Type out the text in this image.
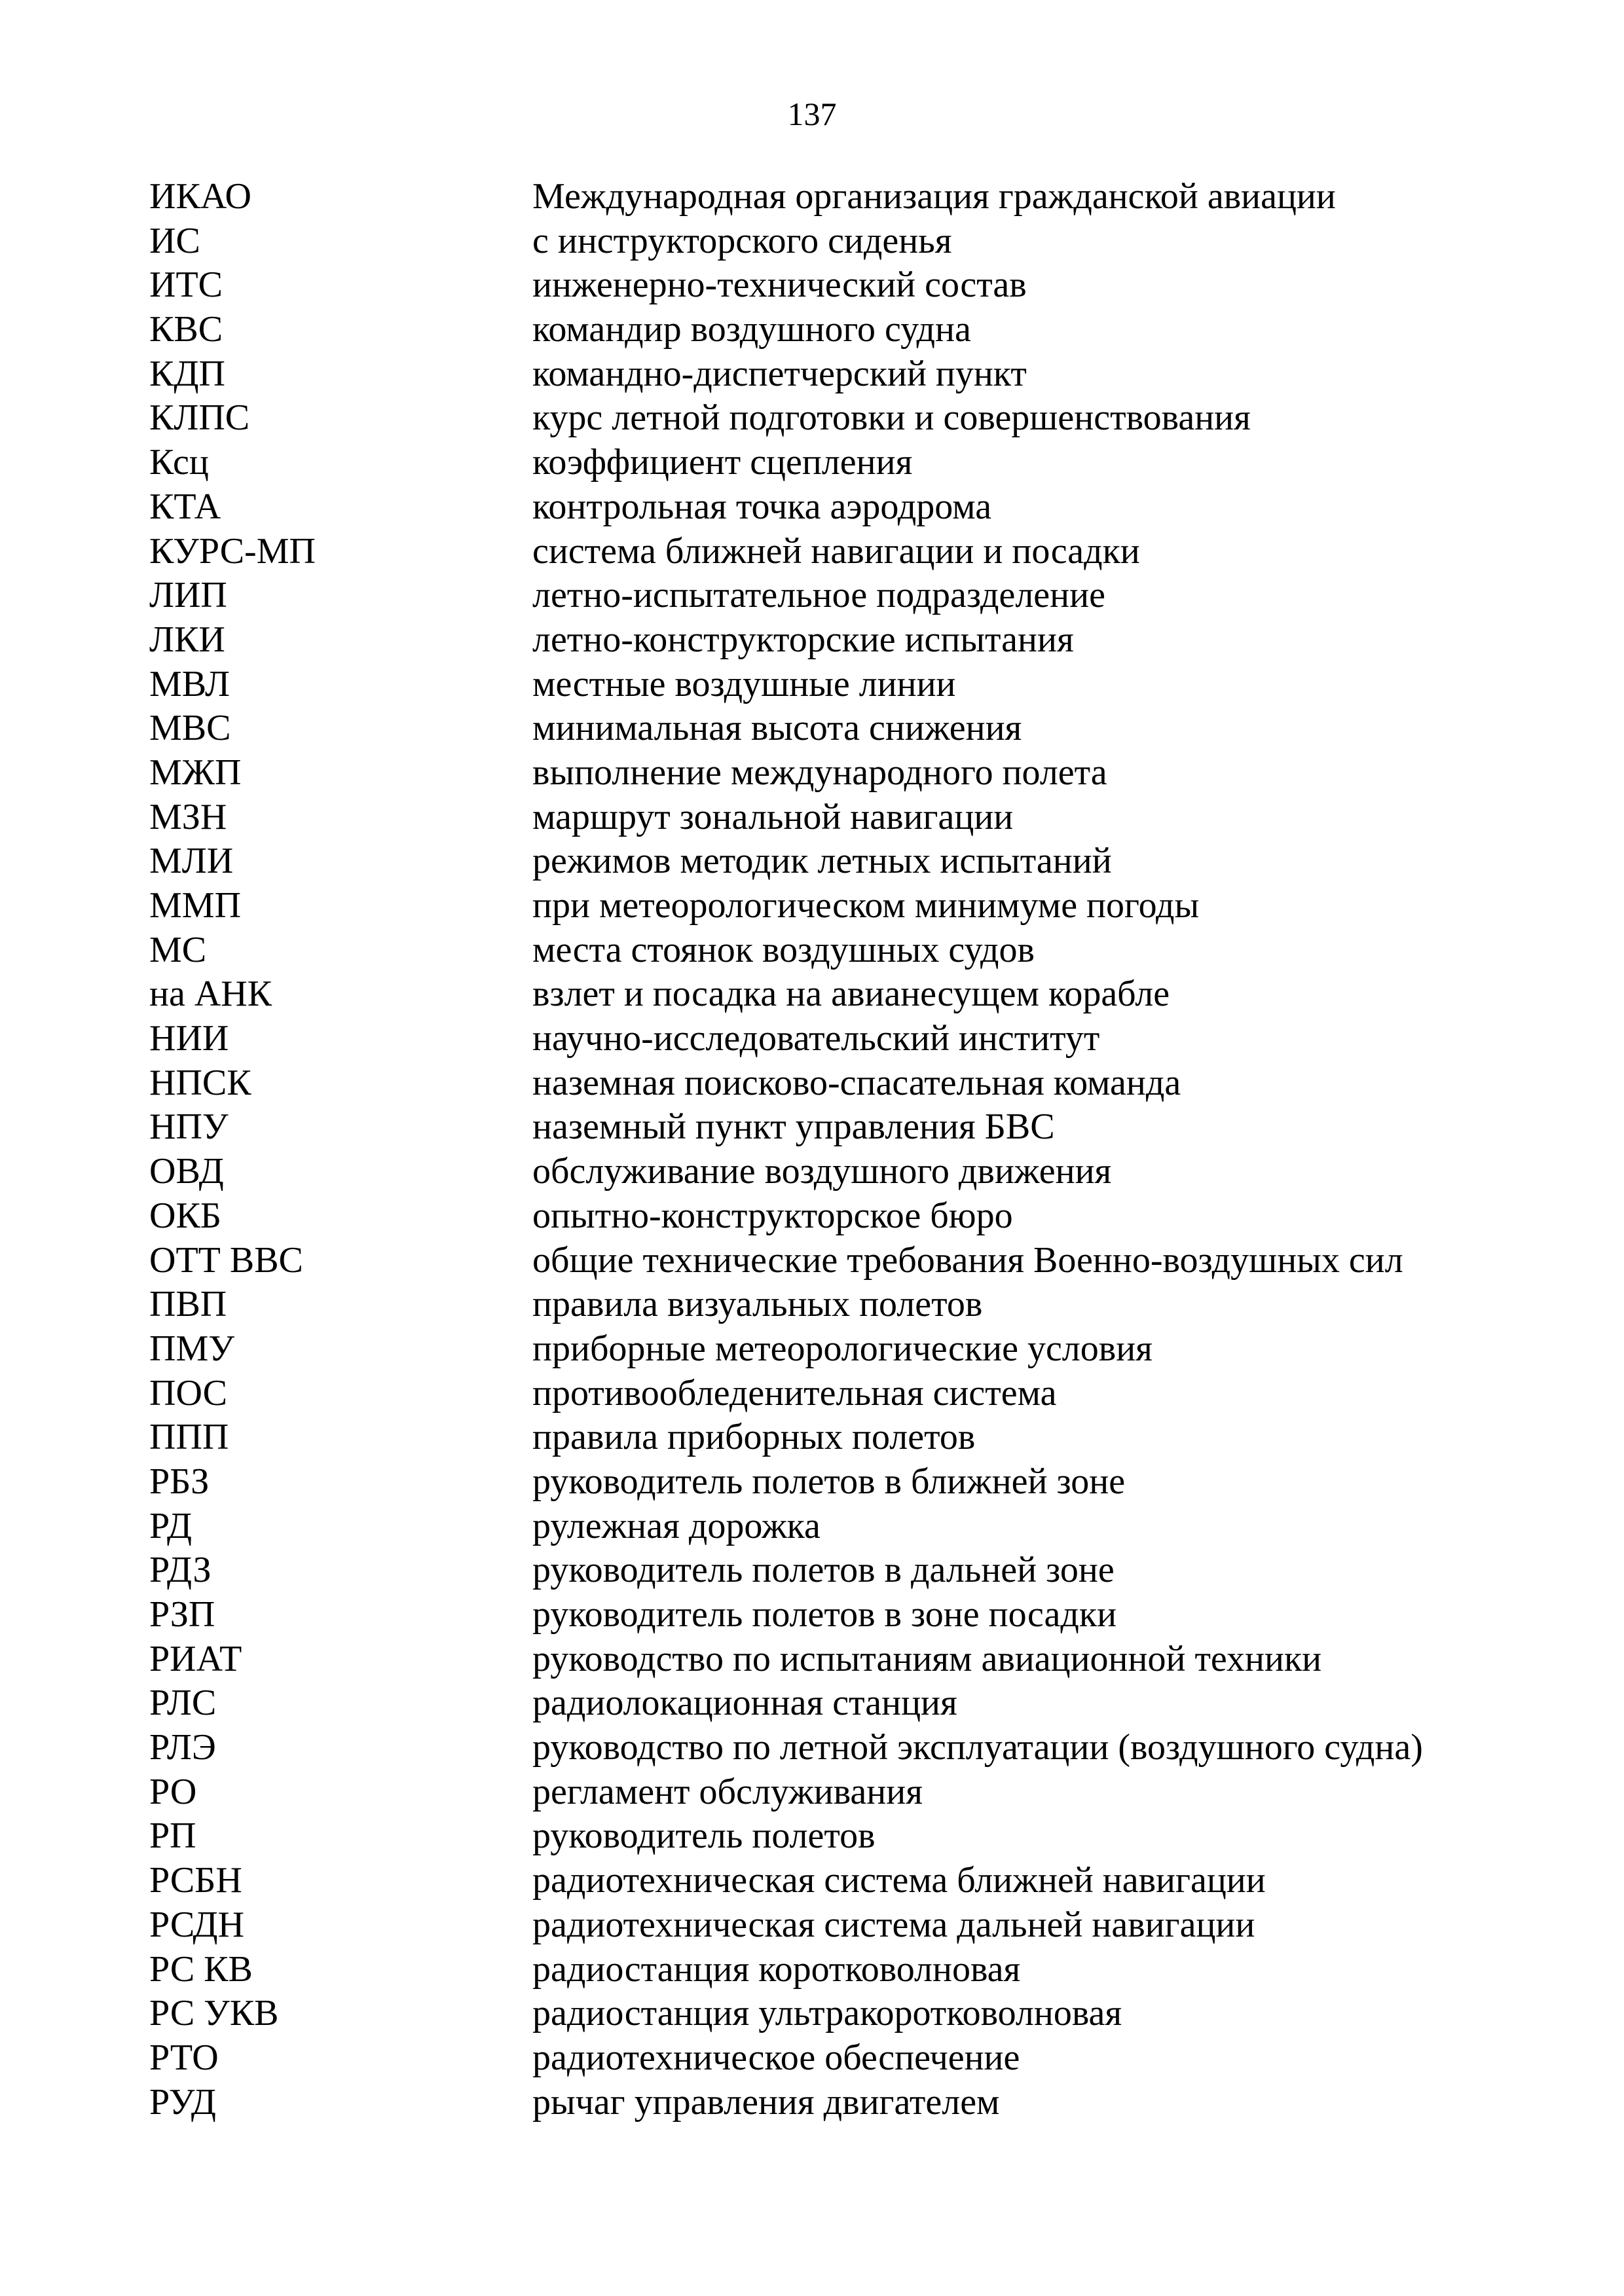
137
ИКАО	Международная организация гражданской авиации
ИС	с инструкторского сиденья
ИТС	инженерно-технический состав
КВС	командир воздушного судна
КДП	командно-диспетчерский пункт
КЛПС	курс летной подготовки и совершенствования
Ксц	коэффициент сцепления
КТА	контрольная точка аэродрома
КУРС-МП	система ближней навигации и посадки
ЛИП	летно-испытательное подразделение
ЛКИ	летно-конструкторские испытания
МВЛ	местные воздушные линии
МВС	минимальная высота снижения
МЖП	выполнение международного полета
МЗН	маршрут зональной навигации
МЛИ	режимов методик летных испытаний
ММП	при метеорологическом минимуме погоды
МС	места стоянок воздушных судов
на АНК	взлет и посадка на авианесущем корабле
НИИ	научно-исследовательский институт
НПСК	наземная поисково-спасательная команда
НПУ	наземный пункт управления БВС
ОВД	обслуживание воздушного движения
ОКБ	опытно-конструкторское бюро
ОТТ ВВС	общие технические требования Военно-воздушных сил
ПВП	правила визуальных полетов
ПМУ	приборные метеорологические условия
ПОС	противообледенительная система
ППП	правила приборных полетов
РБЗ	руководитель полетов в ближней зоне
РД	рулежная дорожка
РДЗ	руководитель полетов в дальней зоне
РЗП	руководитель полетов в зоне посадки
РИАТ	руководство по испытаниям авиационной техники
РЛС	радиолокационная станция
РЛЭ	руководство по летной эксплуатации (воздушного судна)
РО	регламент обслуживания
РП	руководитель полетов
РСБН	радиотехническая система ближней навигации
РСДН	радиотехническая система дальней навигации
РС КВ	радиостанция коротковолновая
РС УКВ	радиостанция ультракоротковолновая
РТО	радиотехническое обеспечение
РУД	рычаг управления двигателем
